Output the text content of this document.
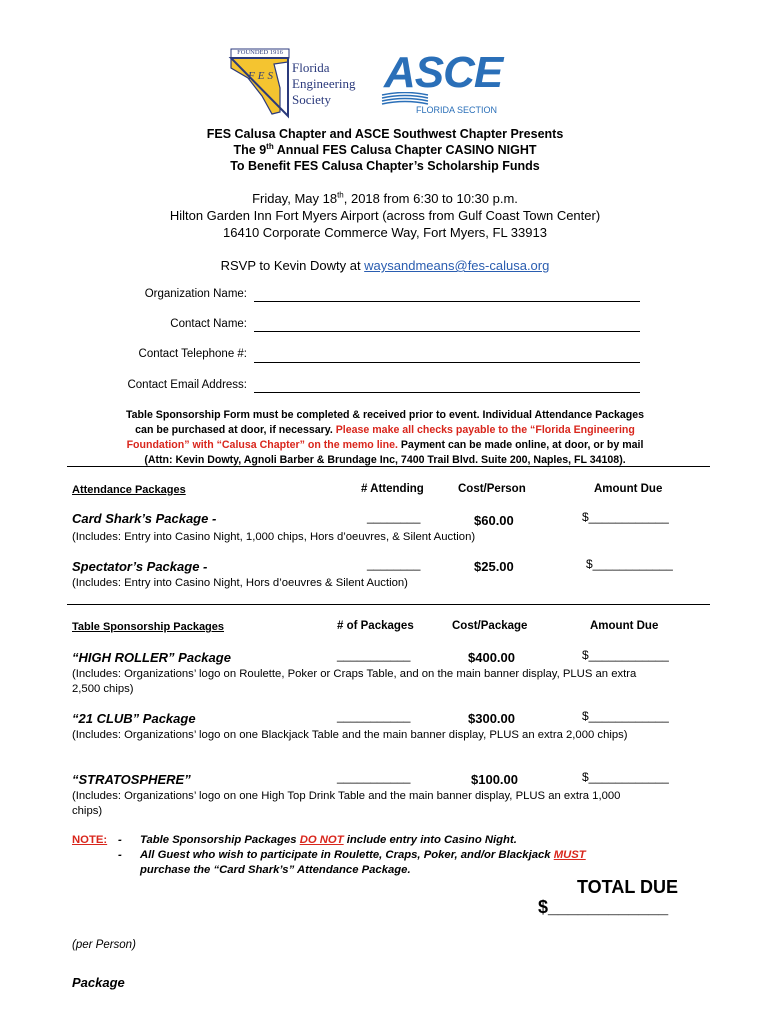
FOUNDED 1916
FES
Florida
Engineering
Society
ASCE
FLORIDA SECTION
FES Calusa Chapter and ASCE Southwest Chapter Presents
The 9th Annual FES Calusa Chapter CASINO NIGHT
To Benefit FES Calusa Chapter’s Scholarship Funds
Friday, May 18th, 2018 from 6:30 to 10:30 p.m.
Hilton Garden Inn Fort Myers Airport (across from Gulf Coast Town Center)
16410 Corporate Commerce Way, Fort Myers, FL 33913
RSVP to Kevin Dowty at waysandmeans@fes-calusa.org
Organization Name:
Contact Name:
Contact Telephone #:
Contact Email Address:
Table Sponsorship Form must be completed & received prior to event. Individual Attendance Packages
can be purchased at door, if necessary. Please make all checks payable to the “Florida Engineering
Foundation” with “Calusa Chapter” on the memo line. Payment can be made online, at door, or by mail
(Attn: Kevin Dowty, Agnoli Barber & Brundage Inc, 7400 Trail Blvd. Suite 200, Naples, FL 34108).
Attendance Packages	# Attending	Cost/Person	Amount Due
Card Shark’s Package -	________	$60.00	$____________
(Includes: Entry into Casino Night, 1,000 chips, Hors d’oeuvres, & Silent Auction)
Spectator’s Package -	________	$25.00	$____________
(Includes: Entry into Casino Night, Hors d’oeuvres & Silent Auction)
Table Sponsorship Packages	# of Packages	Cost/Package	Amount Due
“HIGH ROLLER” Package	___________	$400.00	$____________
(Includes: Organizations’ logo on Roulette, Poker or Craps Table, and on the main banner display, PLUS an extra
2,500 chips)
“21 CLUB” Package	___________	$300.00	$____________
(Includes: Organizations’ logo on one Blackjack Table and the main banner display, PLUS an extra 2,000 chips)
“STRATOSPHERE”	___________	$100.00	$____________
(Includes: Organizations’ logo on one High Top Drink Table and the main banner display, PLUS an extra 1,000
chips)
NOTE: -
-
Table Sponsorship Packages DO NOT include entry into Casino Night.
All Guest who wish to participate in Roulette, Craps, Poker, and/or Blackjack MUST
purchase the “Card Shark’s” Attendance Package.
TOTAL DUE
$____________
(per Person)
Package
